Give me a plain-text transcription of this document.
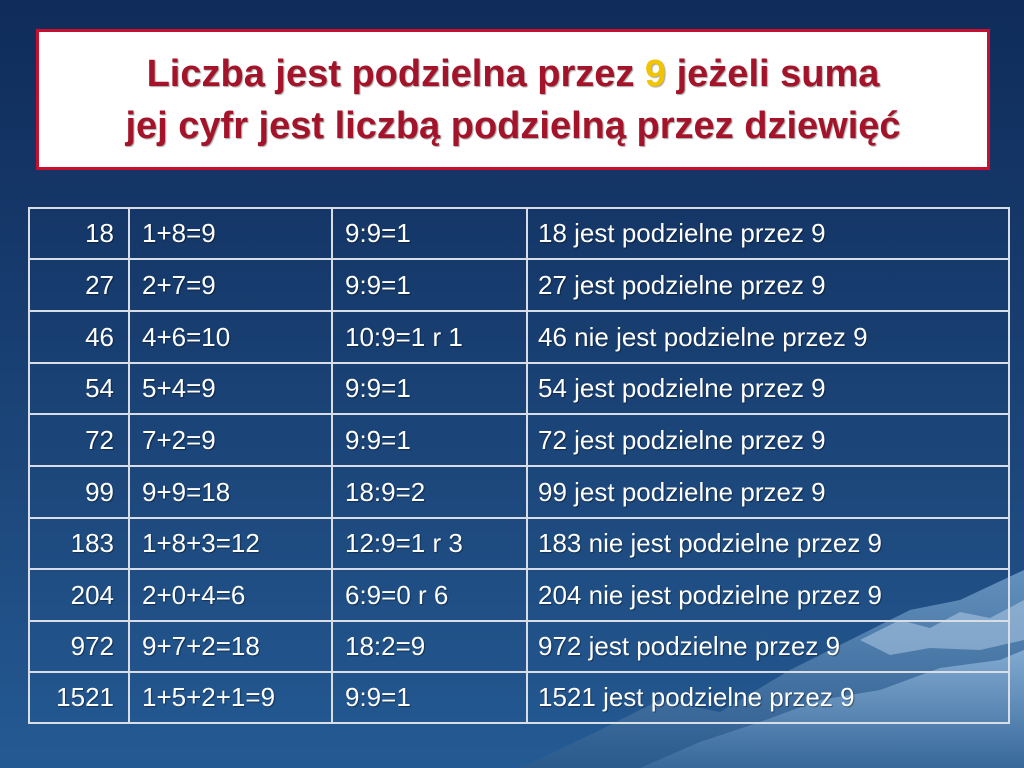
Liczba jest podzielna przez 9 jeżeli suma
jej cyfr jest liczbą podzielną przez dziewięć
18	1+8=9	9:9=1	18 jest podzielne przez 9
27	2+7=9	9:9=1	27 jest podzielne przez 9
46	4+6=10	10:9=1 r 1	46 nie jest podzielne przez 9
54	5+4=9	9:9=1	54 jest podzielne przez 9
72	7+2=9	9:9=1	72 jest podzielne przez 9
99	9+9=18	18:9=2	99 jest podzielne przez 9
183	1+8+3=12	12:9=1 r 3	183 nie jest podzielne przez 9
204	2+0+4=6	6:9=0 r 6	204 nie jest podzielne przez 9
972	9+7+2=18	18:2=9	972 jest podzielne przez 9
1521	1+5+2+1=9	9:9=1	1521 jest podzielne przez 9
